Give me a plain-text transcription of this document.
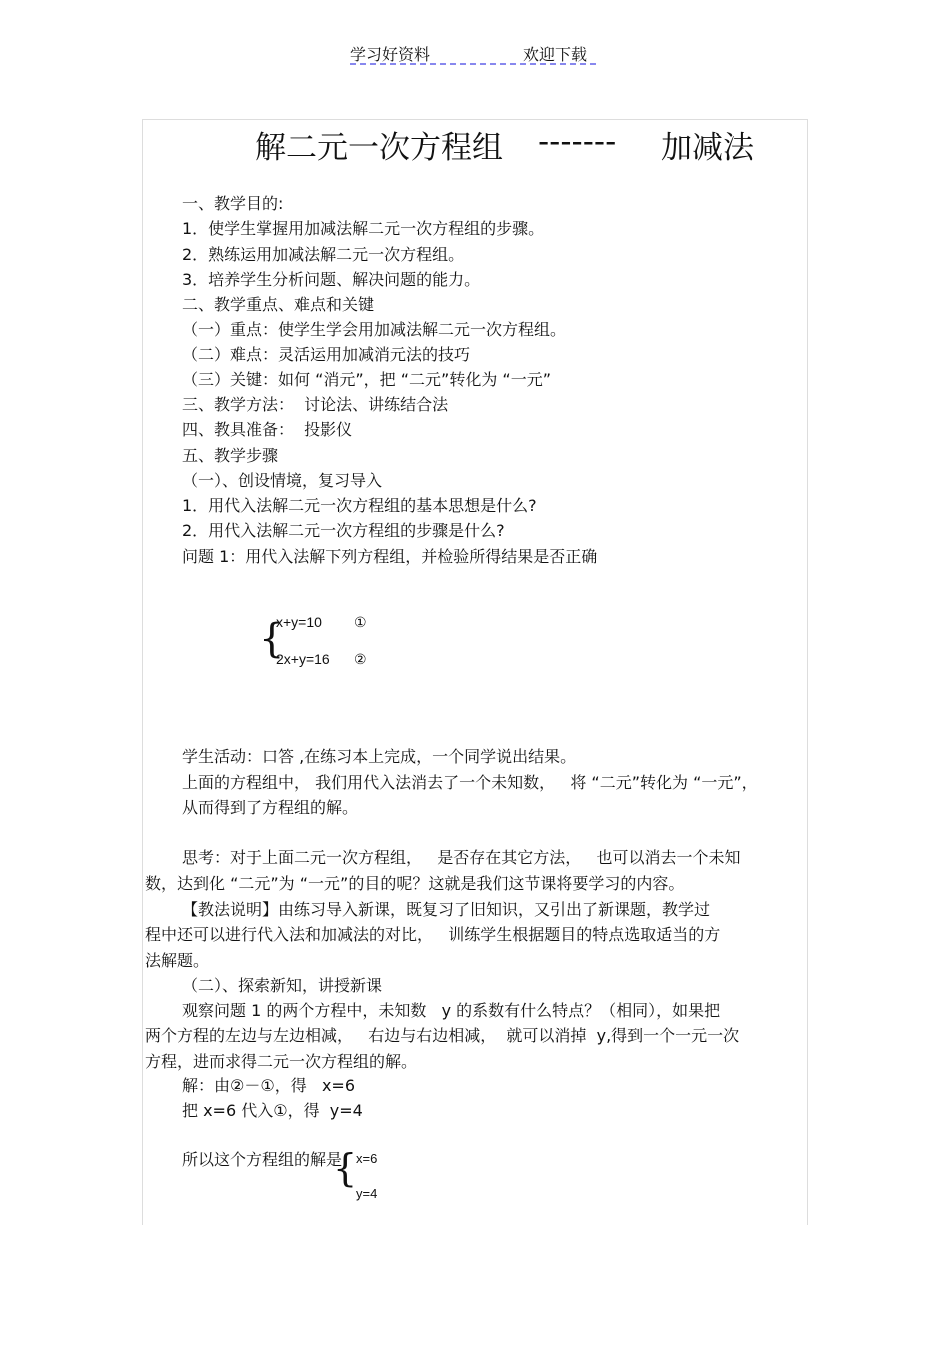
学习好资料	欢迎下载
解二元一次方程组 ------- 加减法
一、教学目的:
1．使学生掌握用加减法解二元一次方程组的步骤。
2．熟练运用加减法解二元一次方程组。
3．培养学生分析问题、解决问题的能力。
二、教学重点、难点和关键
（一）重点：使学生学会用加减法解二元一次方程组。
（二）难点：灵活运用加减消元法的技巧
（三）关键：如何 “消元”，把 “二元”转化为 “一元”
三、教学方法：  讨论法、讲练结合法
四、教具准备：  投影仪
五、教学步骤
（一）、创设情境，复习导入
1．用代入法解二元一次方程组的基本思想是什么?
2．用代入法解二元一次方程组的步骤是什么?
问题 1：用代入法解下列方程组，并检验所得结果是否正确
{
x+y=10 ①
2x+y=16 ②
学生活动：口答 ,在练习本上完成，一个同学说出结果。
上面的方程组中， 我们用代入法消去了一个未知数，   将 “二元”转化为 “一元”，
从而得到了方程组的解。
思考：对于上面二元一次方程组，   是否存在其它方法，   也可以消去一个未知
数，达到化 “二元”为 “一元”的目的呢？这就是我们这节课将要学习的内容。
【教法说明】由练习导入新课，既复习了旧知识，又引出了新课题，教学过
程中还可以进行代入法和加减法的对比，   训练学生根据题目的特点选取适当的方
法解题。
（二）、探索新知，讲授新课
观察问题 1 的两个方程中，未知数   y 的系数有什么特点？（相同），如果把
两个方程的左边与左边相减，   右边与右边相减，  就可以消掉  y,得到一个一元一次
方程，进而求得二元一次方程组的解。
解：由②－①，得   x=6
把 x=6 代入①，得  y=4
所以这个方程组的解是
{
x=6
y=4
